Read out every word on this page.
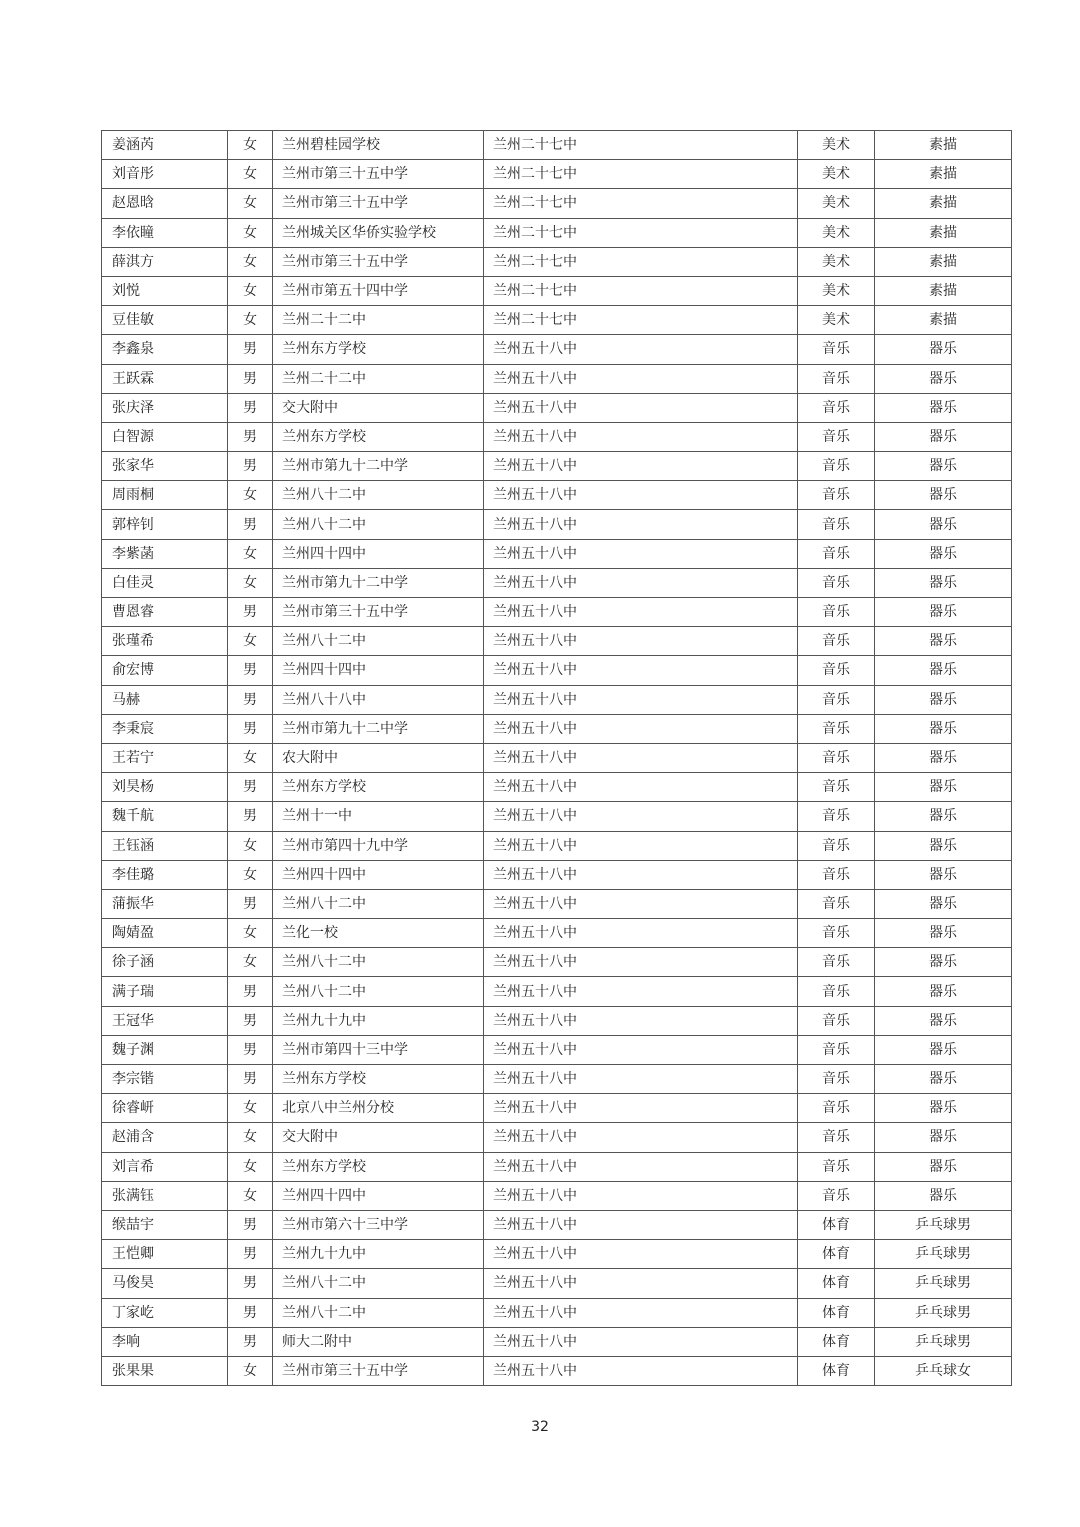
姜涵芮	女	兰州碧桂园学校	兰州二十七中	美术	素描
刘音彤	女	兰州市第三十五中学	兰州二十七中	美术	素描
赵恩晗	女	兰州市第三十五中学	兰州二十七中	美术	素描
李依瞳	女	兰州城关区华侨实验学校	兰州二十七中	美术	素描
薛淇方	女	兰州市第三十五中学	兰州二十七中	美术	素描
刘悦	女	兰州市第五十四中学	兰州二十七中	美术	素描
豆佳敏	女	兰州二十二中	兰州二十七中	美术	素描
李鑫泉	男	兰州东方学校	兰州五十八中	音乐	器乐
王跃霖	男	兰州二十二中	兰州五十八中	音乐	器乐
张庆泽	男	交大附中	兰州五十八中	音乐	器乐
白智源	男	兰州东方学校	兰州五十八中	音乐	器乐
张家华	男	兰州市第九十二中学	兰州五十八中	音乐	器乐
周雨桐	女	兰州八十二中	兰州五十八中	音乐	器乐
郭梓钊	男	兰州八十二中	兰州五十八中	音乐	器乐
李紫菡	女	兰州四十四中	兰州五十八中	音乐	器乐
白佳灵	女	兰州市第九十二中学	兰州五十八中	音乐	器乐
曹恩睿	男	兰州市第三十五中学	兰州五十八中	音乐	器乐
张瑾希	女	兰州八十二中	兰州五十八中	音乐	器乐
俞宏博	男	兰州四十四中	兰州五十八中	音乐	器乐
马赫	男	兰州八十八中	兰州五十八中	音乐	器乐
李秉宸	男	兰州市第九十二中学	兰州五十八中	音乐	器乐
王若宁	女	农大附中	兰州五十八中	音乐	器乐
刘昊杨	男	兰州东方学校	兰州五十八中	音乐	器乐
魏千航	男	兰州十一中	兰州五十八中	音乐	器乐
王钰涵	女	兰州市第四十九中学	兰州五十八中	音乐	器乐
李佳璐	女	兰州四十四中	兰州五十八中	音乐	器乐
蒲振华	男	兰州八十二中	兰州五十八中	音乐	器乐
陶婧盈	女	兰化一校	兰州五十八中	音乐	器乐
徐子涵	女	兰州八十二中	兰州五十八中	音乐	器乐
满子瑞	男	兰州八十二中	兰州五十八中	音乐	器乐
王冠华	男	兰州九十九中	兰州五十八中	音乐	器乐
魏子渊	男	兰州市第四十三中学	兰州五十八中	音乐	器乐
李宗锴	男	兰州东方学校	兰州五十八中	音乐	器乐
徐睿岍	女	北京八中兰州分校	兰州五十八中	音乐	器乐
赵浦含	女	交大附中	兰州五十八中	音乐	器乐
刘言希	女	兰州东方学校	兰州五十八中	音乐	器乐
张满钰	女	兰州四十四中	兰州五十八中	音乐	器乐
缑喆宇	男	兰州市第六十三中学	兰州五十八中	体育	乒乓球男
王恺卿	男	兰州九十九中	兰州五十八中	体育	乒乓球男
马俊昊	男	兰州八十二中	兰州五十八中	体育	乒乓球男
丁家屹	男	兰州八十二中	兰州五十八中	体育	乒乓球男
李响	男	师大二附中	兰州五十八中	体育	乒乓球男
张果果	女	兰州市第三十五中学	兰州五十八中	体育	乒乓球女
32
